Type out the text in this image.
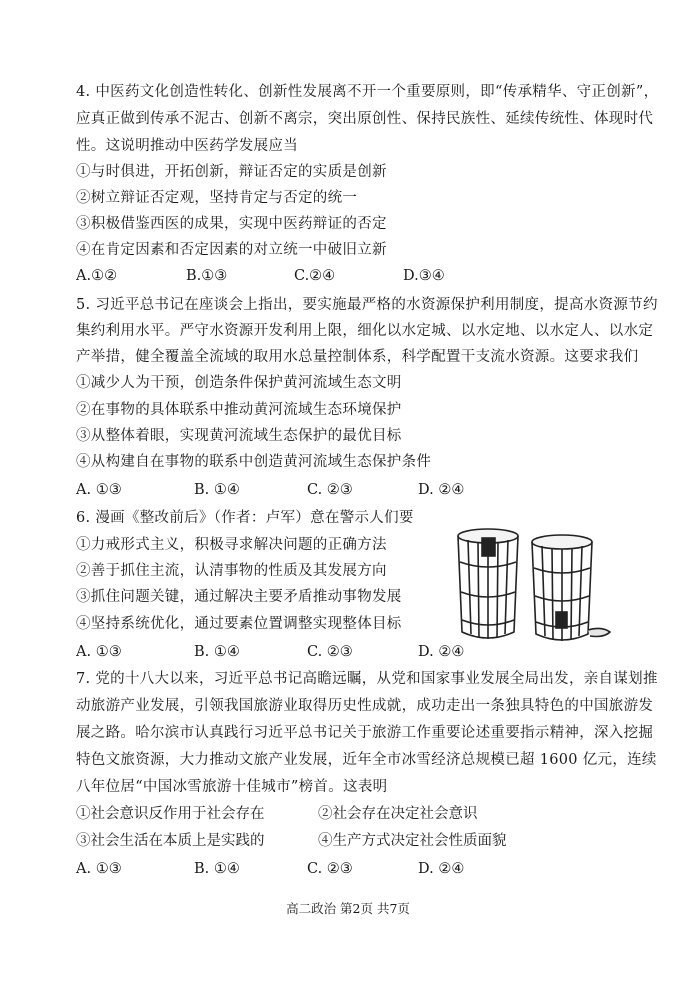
4. 中医药文化创造性转化、创新性发展离不开一个重要原则，即“传承精华、守正创新”，
应真正做到传承不泥古、创新不离宗，突出原创性、保持民族性、延续传统性、体现时代
性。这说明推动中医药学发展应当
①与时俱进，开拓创新，辩证否定的实质是创新
②树立辩证否定观，坚持肯定与否定的统一
③积极借鉴西医的成果，实现中医药辩证的否定
④在肯定因素和否定因素的对立统一中破旧立新
A.①②	B.①③	C.②④	D.③④
5. 习近平总书记在座谈会上指出，要实施最严格的水资源保护利用制度，提高水资源节约
集约利用水平。严守水资源开发利用上限，细化以水定城、以水定地、以水定人、以水定
产举措，健全覆盖全流域的取用水总量控制体系，科学配置干支流水资源。这要求我们
①减少人为干预，创造条件保护黄河流域生态文明
②在事物的具体联系中推动黄河流域生态环境保护
③从整体着眼，实现黄河流域生态保护的最优目标
④从构建自在事物的联系中创造黄河流域生态保护条件
A. ①③	B. ①④	C. ②③	D. ②④
6. 漫画《整改前后》（作者：卢军）意在警示人们要
①力戒形式主义，积极寻求解决问题的正确方法
②善于抓住主流，认清事物的性质及其发展方向
③抓住问题关键，通过解决主要矛盾推动事物发展
④坚持系统优化，通过要素位置调整实现整体目标
A. ①③	B. ①④	C. ②③	D. ②④
7. 党的十八大以来，习近平总书记高瞻远瞩，从党和国家事业发展全局出发，亲自谋划推
动旅游产业发展，引领我国旅游业取得历史性成就，成功走出一条独具特色的中国旅游发
展之路。哈尔滨市认真践行习近平总书记关于旅游工作重要论述重要指示精神，深入挖掘
特色文旅资源，大力推动文旅产业发展，近年全市冰雪经济总规模已超 1600 亿元，连续
八年位居“中国冰雪旅游十佳城市”榜首。这表明
①社会意识反作用于社会存在	②社会存在决定社会意识
③社会生活在本质上是实践的	④生产方式决定社会性质面貌
A. ①③	B. ①④	C. ②③	D. ②④
高二政治 第2页 共7页
